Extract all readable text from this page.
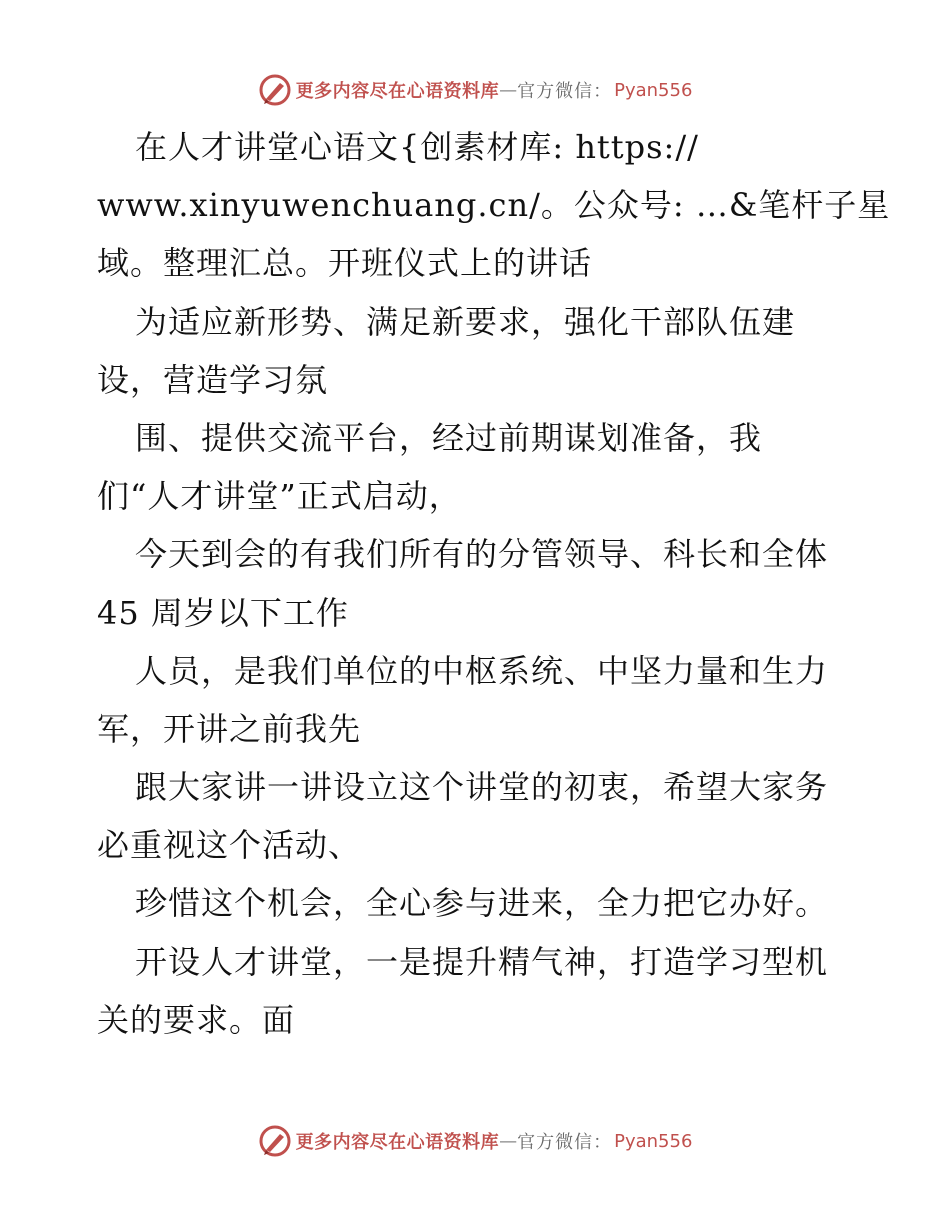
更多内容尽在心语资料库 — 官方微信： Pyan556
在人才讲堂心语文{创素材库: https://
www.xinyuwenchuang.cn/。公众号: …&笔杆子星
域。整理汇总。开班仪式上的讲话
为适应新形势、满足新要求，强化干部队伍建
设，营造学习氛
围、提供交流平台，经过前期谋划准备，我
们“人才讲堂”正式启动，
今天到会的有我们所有的分管领导、科长和全体
45 周岁以下工作
人员，是我们单位的中枢系统、中坚力量和生力
军，开讲之前我先
跟大家讲一讲设立这个讲堂的初衷，希望大家务
必重视这个活动、
珍惜这个机会，全心参与进来，全力把它办好。
开设人才讲堂，一是提升精气神，打造学习型机
关的要求。面
更多内容尽在心语资料库 — 官方微信： Pyan556
